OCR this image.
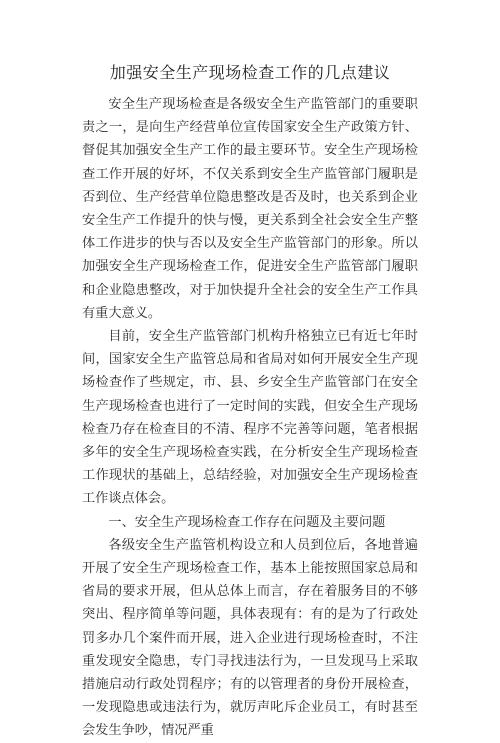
加强安全生产现场检查工作的几点建议

安全生产现场检查是各级安全生产监管部门的重要职责之一，是向生产经营单位宣传国家安全生产政策方针、督促其加强安全生产工作的最主要环节。安全生产现场检查工作开展的好坏，不仅关系到安全生产监管部门履职是否到位、生产经营单位隐患整改是否及时，也关系到企业安全生产工作提升的快与慢，更关系到全社会安全生产整体工作进步的快与否以及安全生产监管部门的形象。所以加强安全生产现场检查工作，促进安全生产监管部门履职和企业隐患整改，对于加快提升全社会的安全生产工作具有重大意义。

目前，安全生产监管部门机构升格独立已有近七年时间，国家安全生产监管总局和省局对如何开展安全生产现场检查作了些规定，市、县、乡安全生产监管部门在安全生产现场检查也进行了一定时间的实践，但安全生产现场检查乃存在检查目的不清、程序不完善等问题，笔者根据多年的安全生产现场检查实践，在分析安全生产现场检查工作现状的基础上，总结经验，对加强安全生产现场检查工作谈点体会。

一、安全生产现场检查工作存在问题及主要问题

各级安全生产监管机构设立和人员到位后，各地普遍开展了安全生产现场检查工作，基本上能按照国家总局和省局的要求开展，但从总体上而言，存在着服务目的不够突出、程序简单等问题，具体表现有：有的是为了行政处罚多办几个案件而开展，进入企业进行现场检查时，不注重发现安全隐患，专门寻找违法行为，一旦发现马上采取措施启动行政处罚程序；有的以管理者的身份开展检查，一发现隐患或违法行为，就厉声叱斥企业员工，有时甚至会发生争吵，情况严重
